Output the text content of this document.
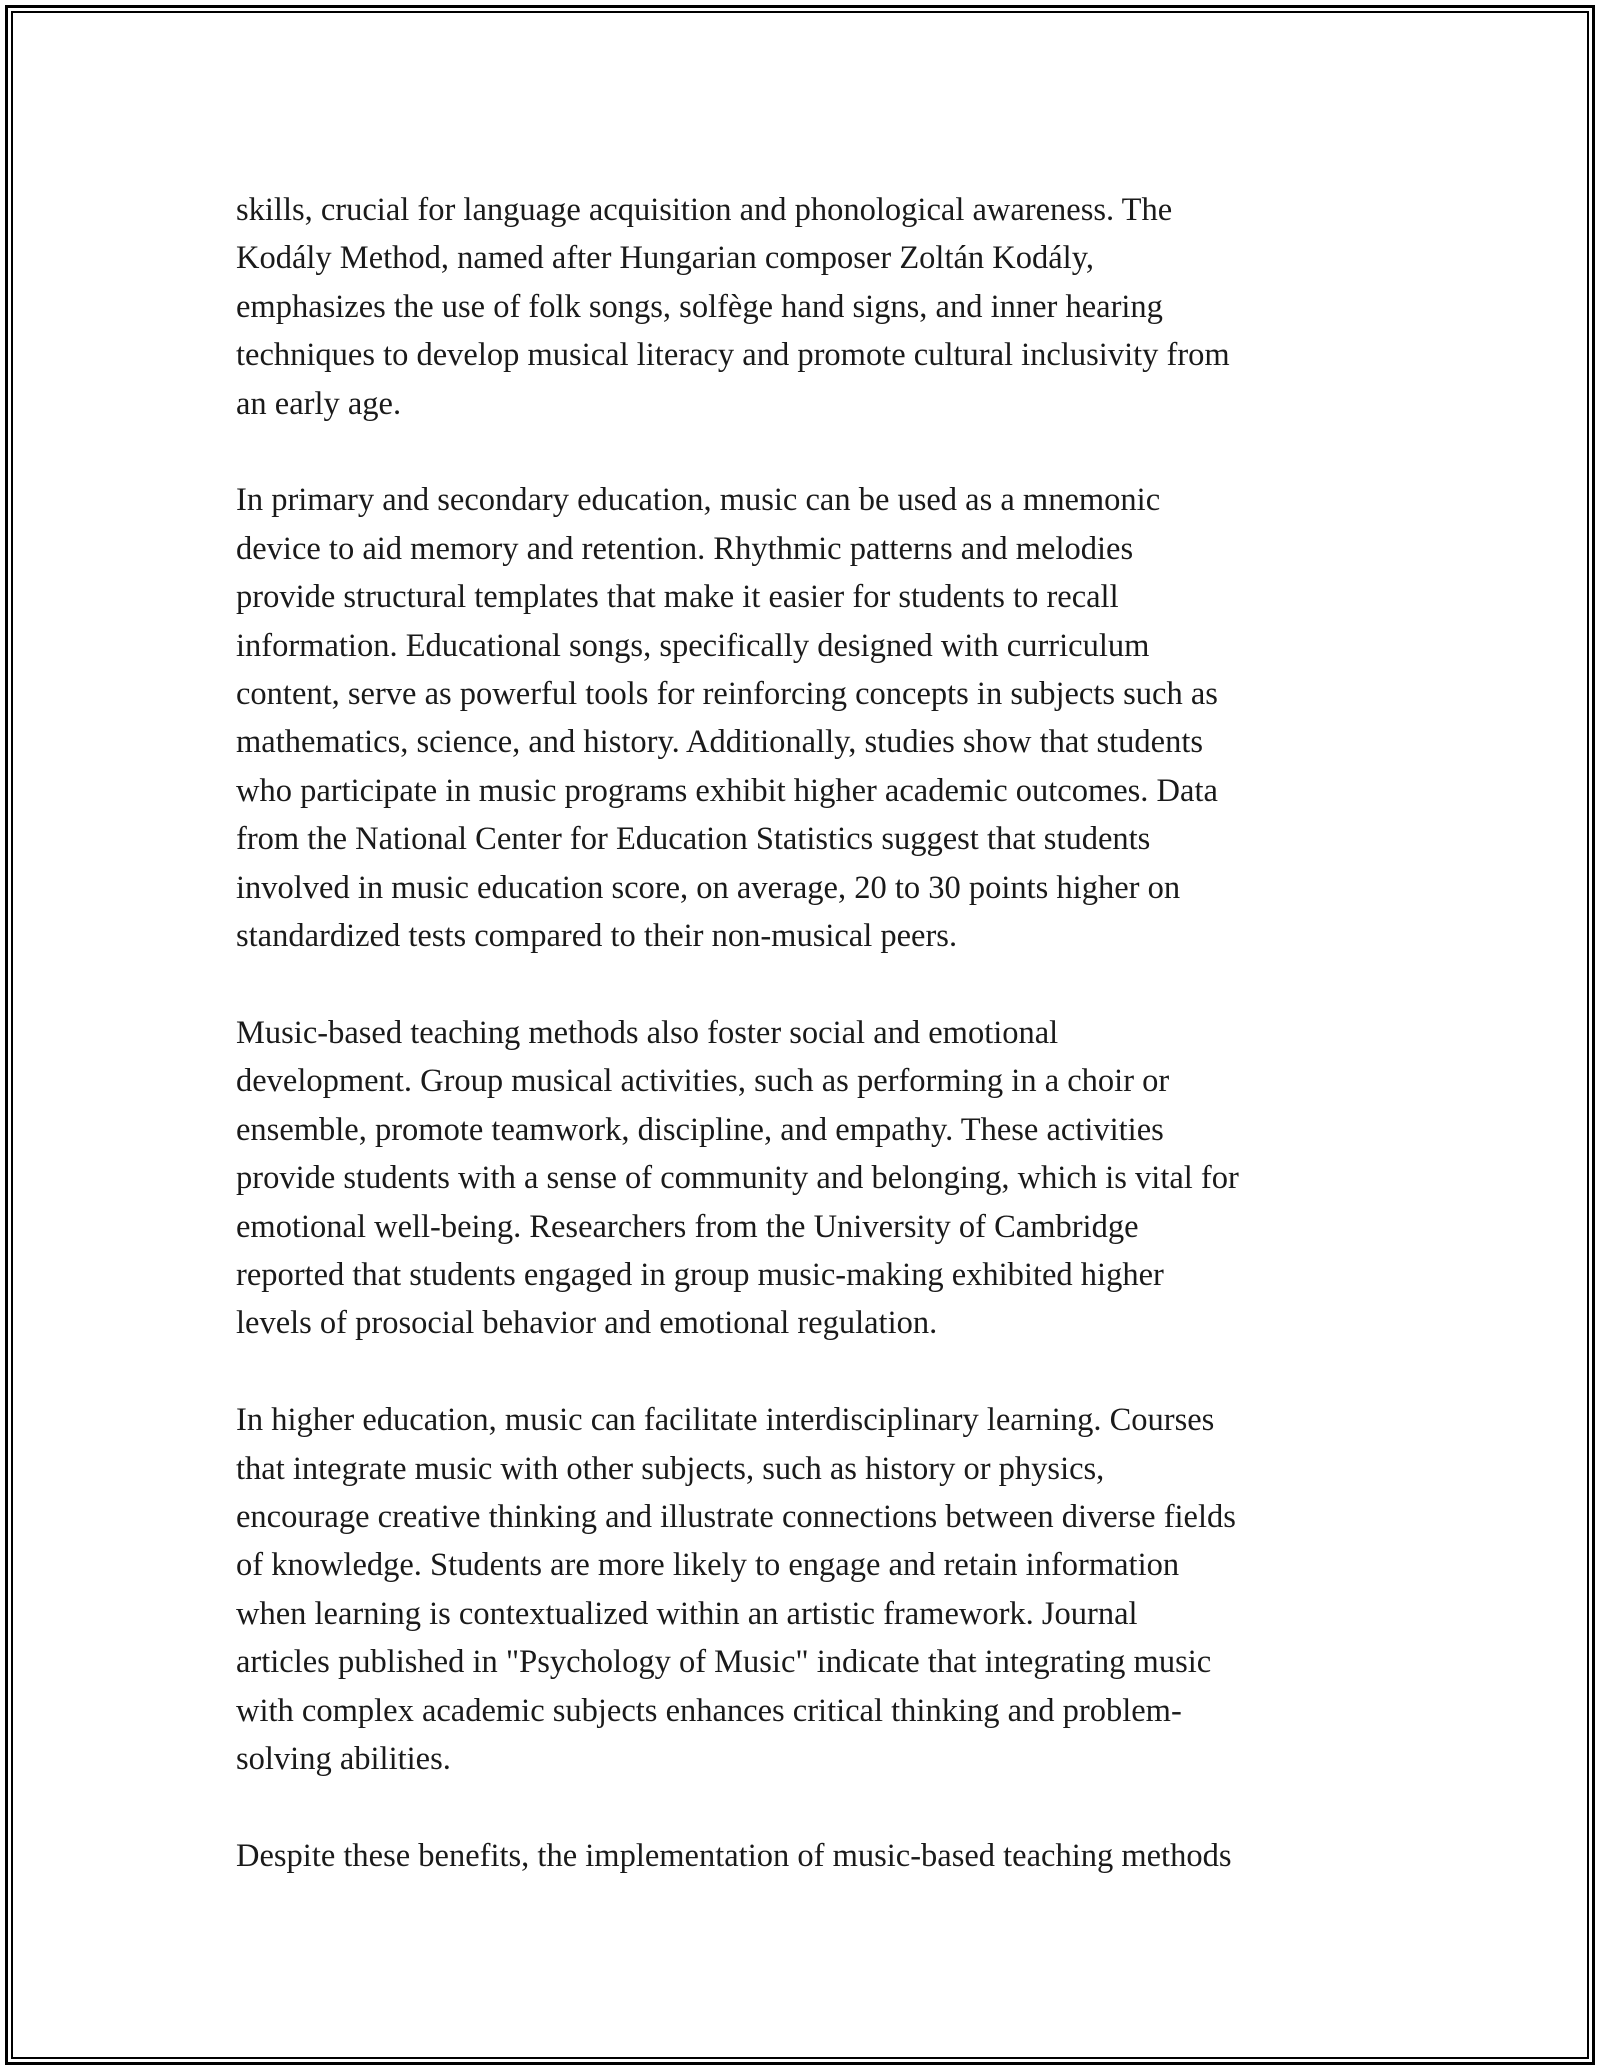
skills, crucial for language acquisition and phonological awareness. The
Kodály Method, named after Hungarian composer Zoltán Kodály,
emphasizes the use of folk songs, solfège hand signs, and inner hearing
techniques to develop musical literacy and promote cultural inclusivity from
an early age.

In primary and secondary education, music can be used as a mnemonic
device to aid memory and retention. Rhythmic patterns and melodies
provide structural templates that make it easier for students to recall
information. Educational songs, specifically designed with curriculum
content, serve as powerful tools for reinforcing concepts in subjects such as
mathematics, science, and history. Additionally, studies show that students
who participate in music programs exhibit higher academic outcomes. Data
from the National Center for Education Statistics suggest that students
involved in music education score, on average, 20 to 30 points higher on
standardized tests compared to their non-musical peers.

Music-based teaching methods also foster social and emotional
development. Group musical activities, such as performing in a choir or
ensemble, promote teamwork, discipline, and empathy. These activities
provide students with a sense of community and belonging, which is vital for
emotional well-being. Researchers from the University of Cambridge
reported that students engaged in group music-making exhibited higher
levels of prosocial behavior and emotional regulation.

In higher education, music can facilitate interdisciplinary learning. Courses
that integrate music with other subjects, such as history or physics,
encourage creative thinking and illustrate connections between diverse fields
of knowledge. Students are more likely to engage and retain information
when learning is contextualized within an artistic framework. Journal
articles published in "Psychology of Music" indicate that integrating music
with complex academic subjects enhances critical thinking and problem-
solving abilities.

Despite these benefits, the implementation of music-based teaching methods
